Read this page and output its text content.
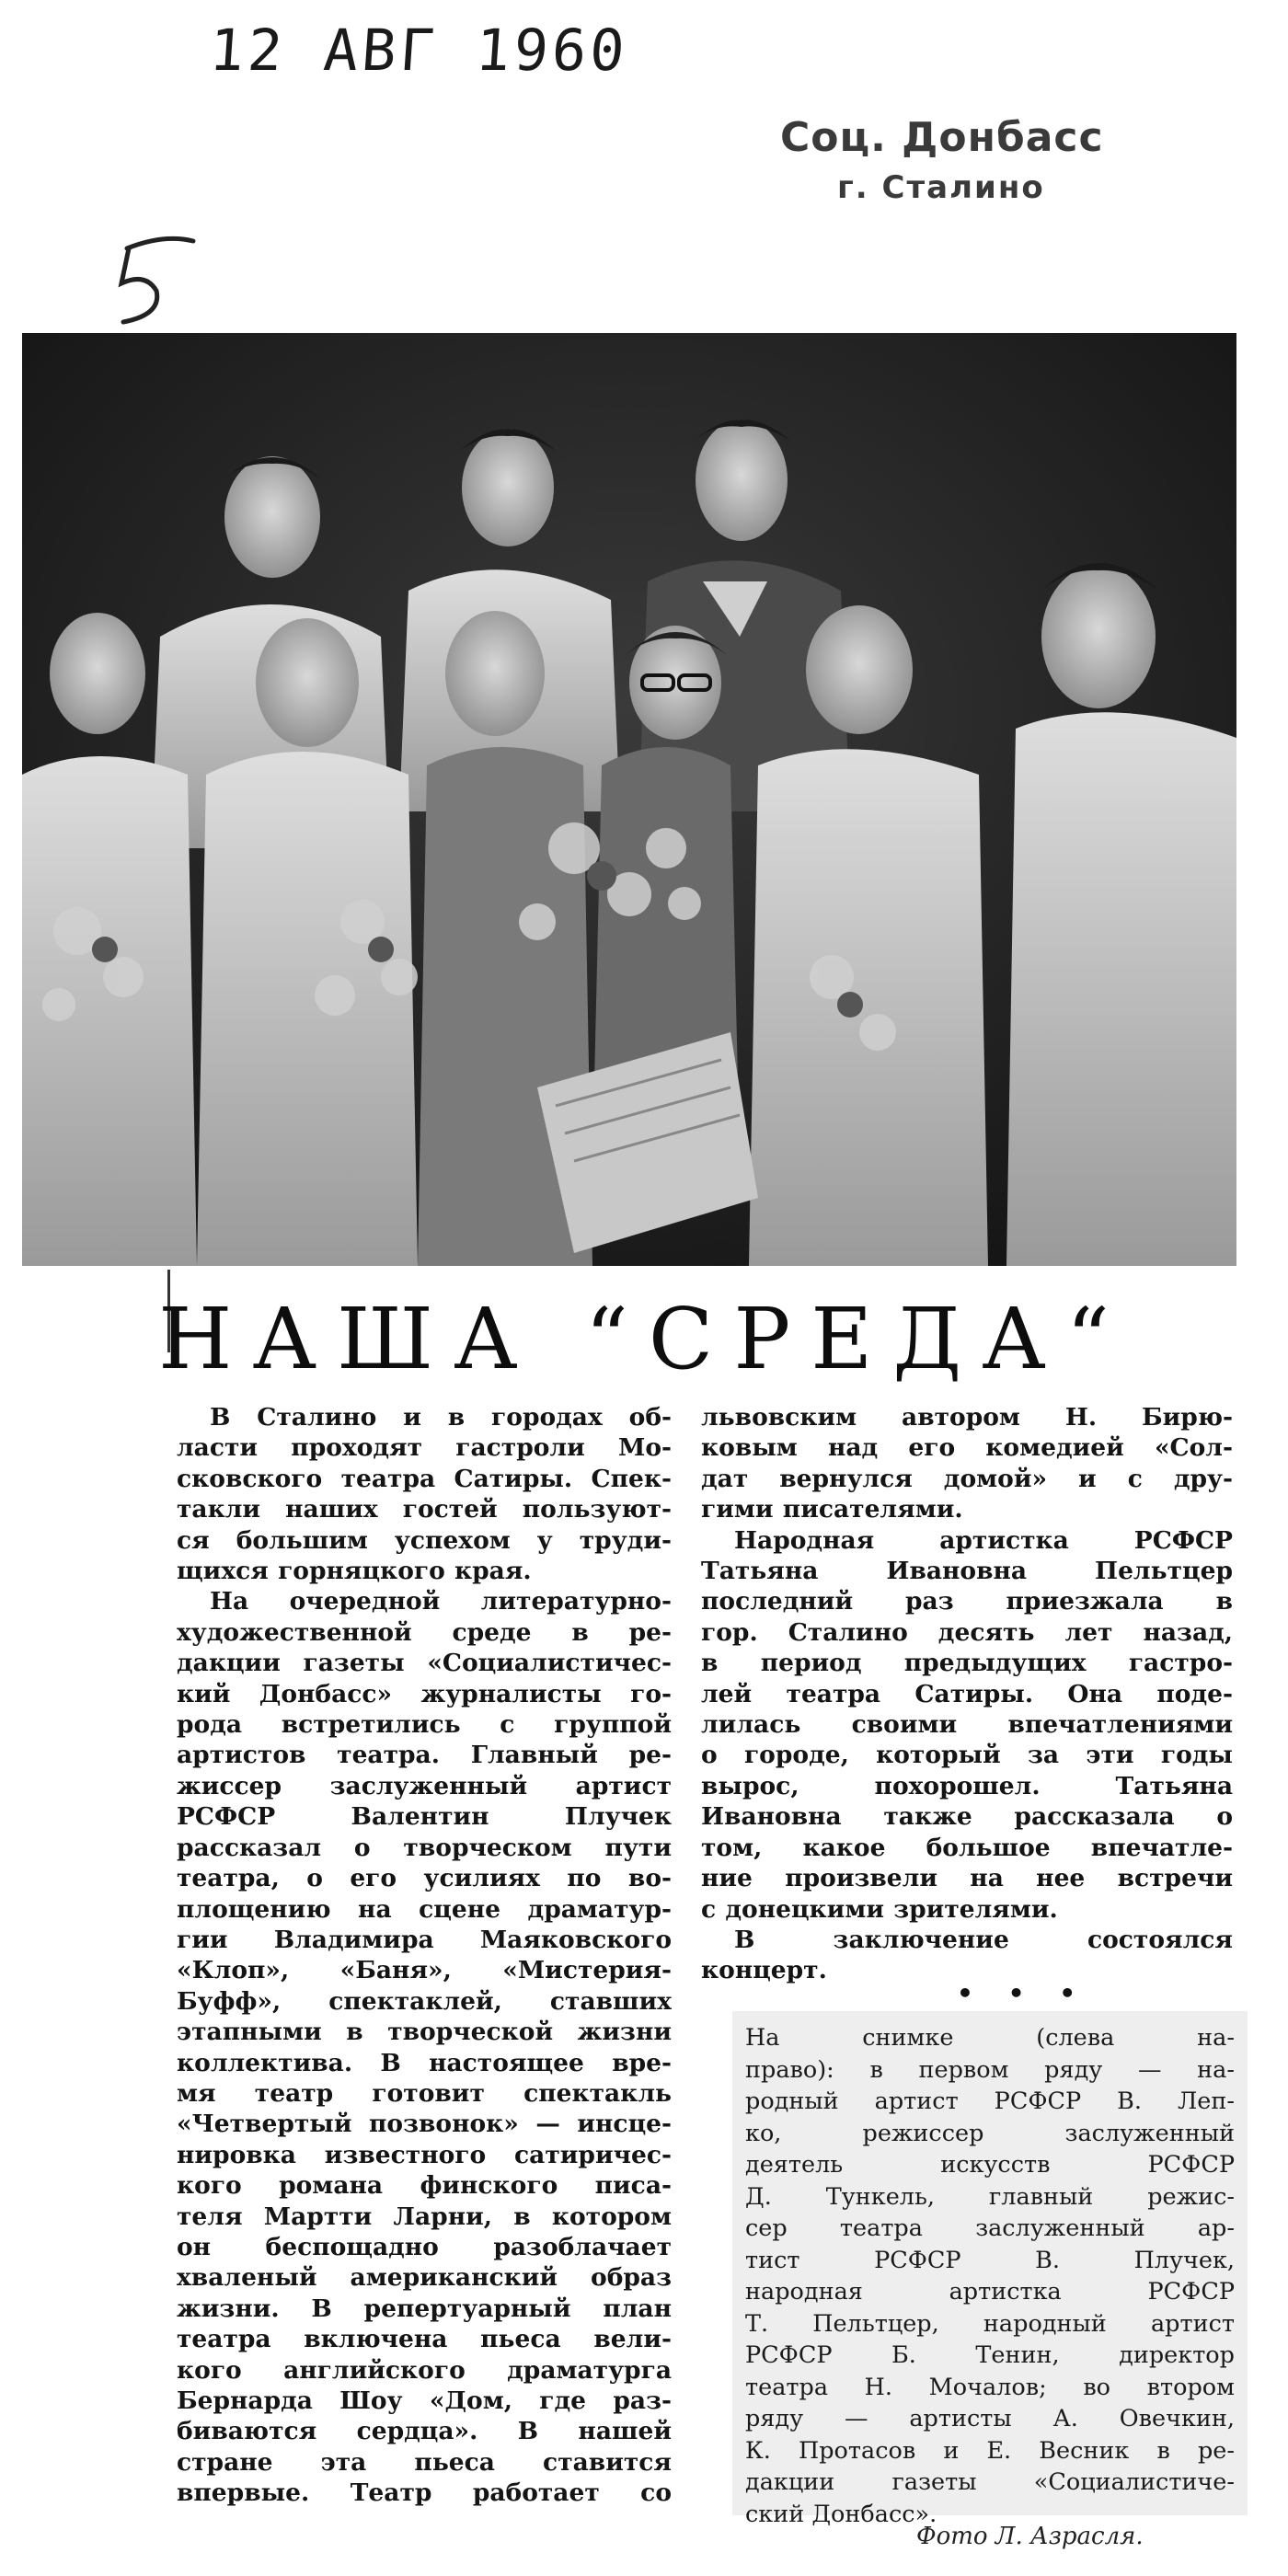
12 АВГ 1960
Соц. Донбасс
г. Сталино
НАША “СРЕДА“
В Сталино и в городах об-
ласти проходят гастроли Мо-
сковского театра Сатиры. Спек-
такли наших гостей пользуют-
ся большим успехом у труди-
щихся горняцкого края.
На очередной литературно-
художественной среде в ре-
дакции газеты «Социалистичес-
кий Донбасс» журналисты го-
рода встретились с группой
артистов театра. Главный ре-
жиссер заслуженный артист
РСФСР Валентин Плучек
рассказал о творческом пути
театра, о его усилиях по во-
площению на сцене драматур-
гии Владимира Маяковского
«Клоп», «Баня», «Мистерия-
Буфф», спектаклей, ставших
этапными в творческой жизни
коллектива. В настоящее вре-
мя театр готовит спектакль
«Четвертый позвонок» — инсце-
нировка известного сатиричес-
кого романа финского писа-
теля Мартти Ларни, в котором
он беспощадно разоблачает
хваленый американский образ
жизни. В репертуарный план
театра включена пьеса вели-
кого английского драматурга
Бернарда Шоу «Дом, где раз-
биваются сердца». В нашей
стране эта пьеса ставится
впервые. Театр работает со
львовским автором Н. Бирю-
ковым над его комедией «Сол-
дат вернулся домой» и с дру-
гими писателями.
Народная артистка РСФСР
Татьяна Ивановна Пельтцер
последний раз приезжала в
гор. Сталино десять лет назад,
в период предыдущих гастро-
лей театра Сатиры. Она поде-
лилась своими впечатлениями
о городе, который за эти годы
вырос, похорошел. Татьяна
Ивановна также рассказала о
том, какое большое впечатле-
ние произвели на нее встречи
с донецкими зрителями.
В заключение состоялся
концерт.
• • •
На снимке (слева на-
право): в первом ряду — на-
родный артист РСФСР В. Леп-
ко, режиссер заслуженный
деятель искусств РСФСР
Д. Тункель, главный режис-
сер театра заслуженный ар-
тист РСФСР В. Плучек,
народная артистка РСФСР
Т. Пельтцер, народный артист
РСФСР Б. Тенин, директор
театра Н. Мочалов; во втором
ряду — артисты А. Овечкин,
К. Протасов и Е. Весник в ре-
дакции газеты «Социалистиче-
ский Донбасс».
Фото Л. Азрасля.
